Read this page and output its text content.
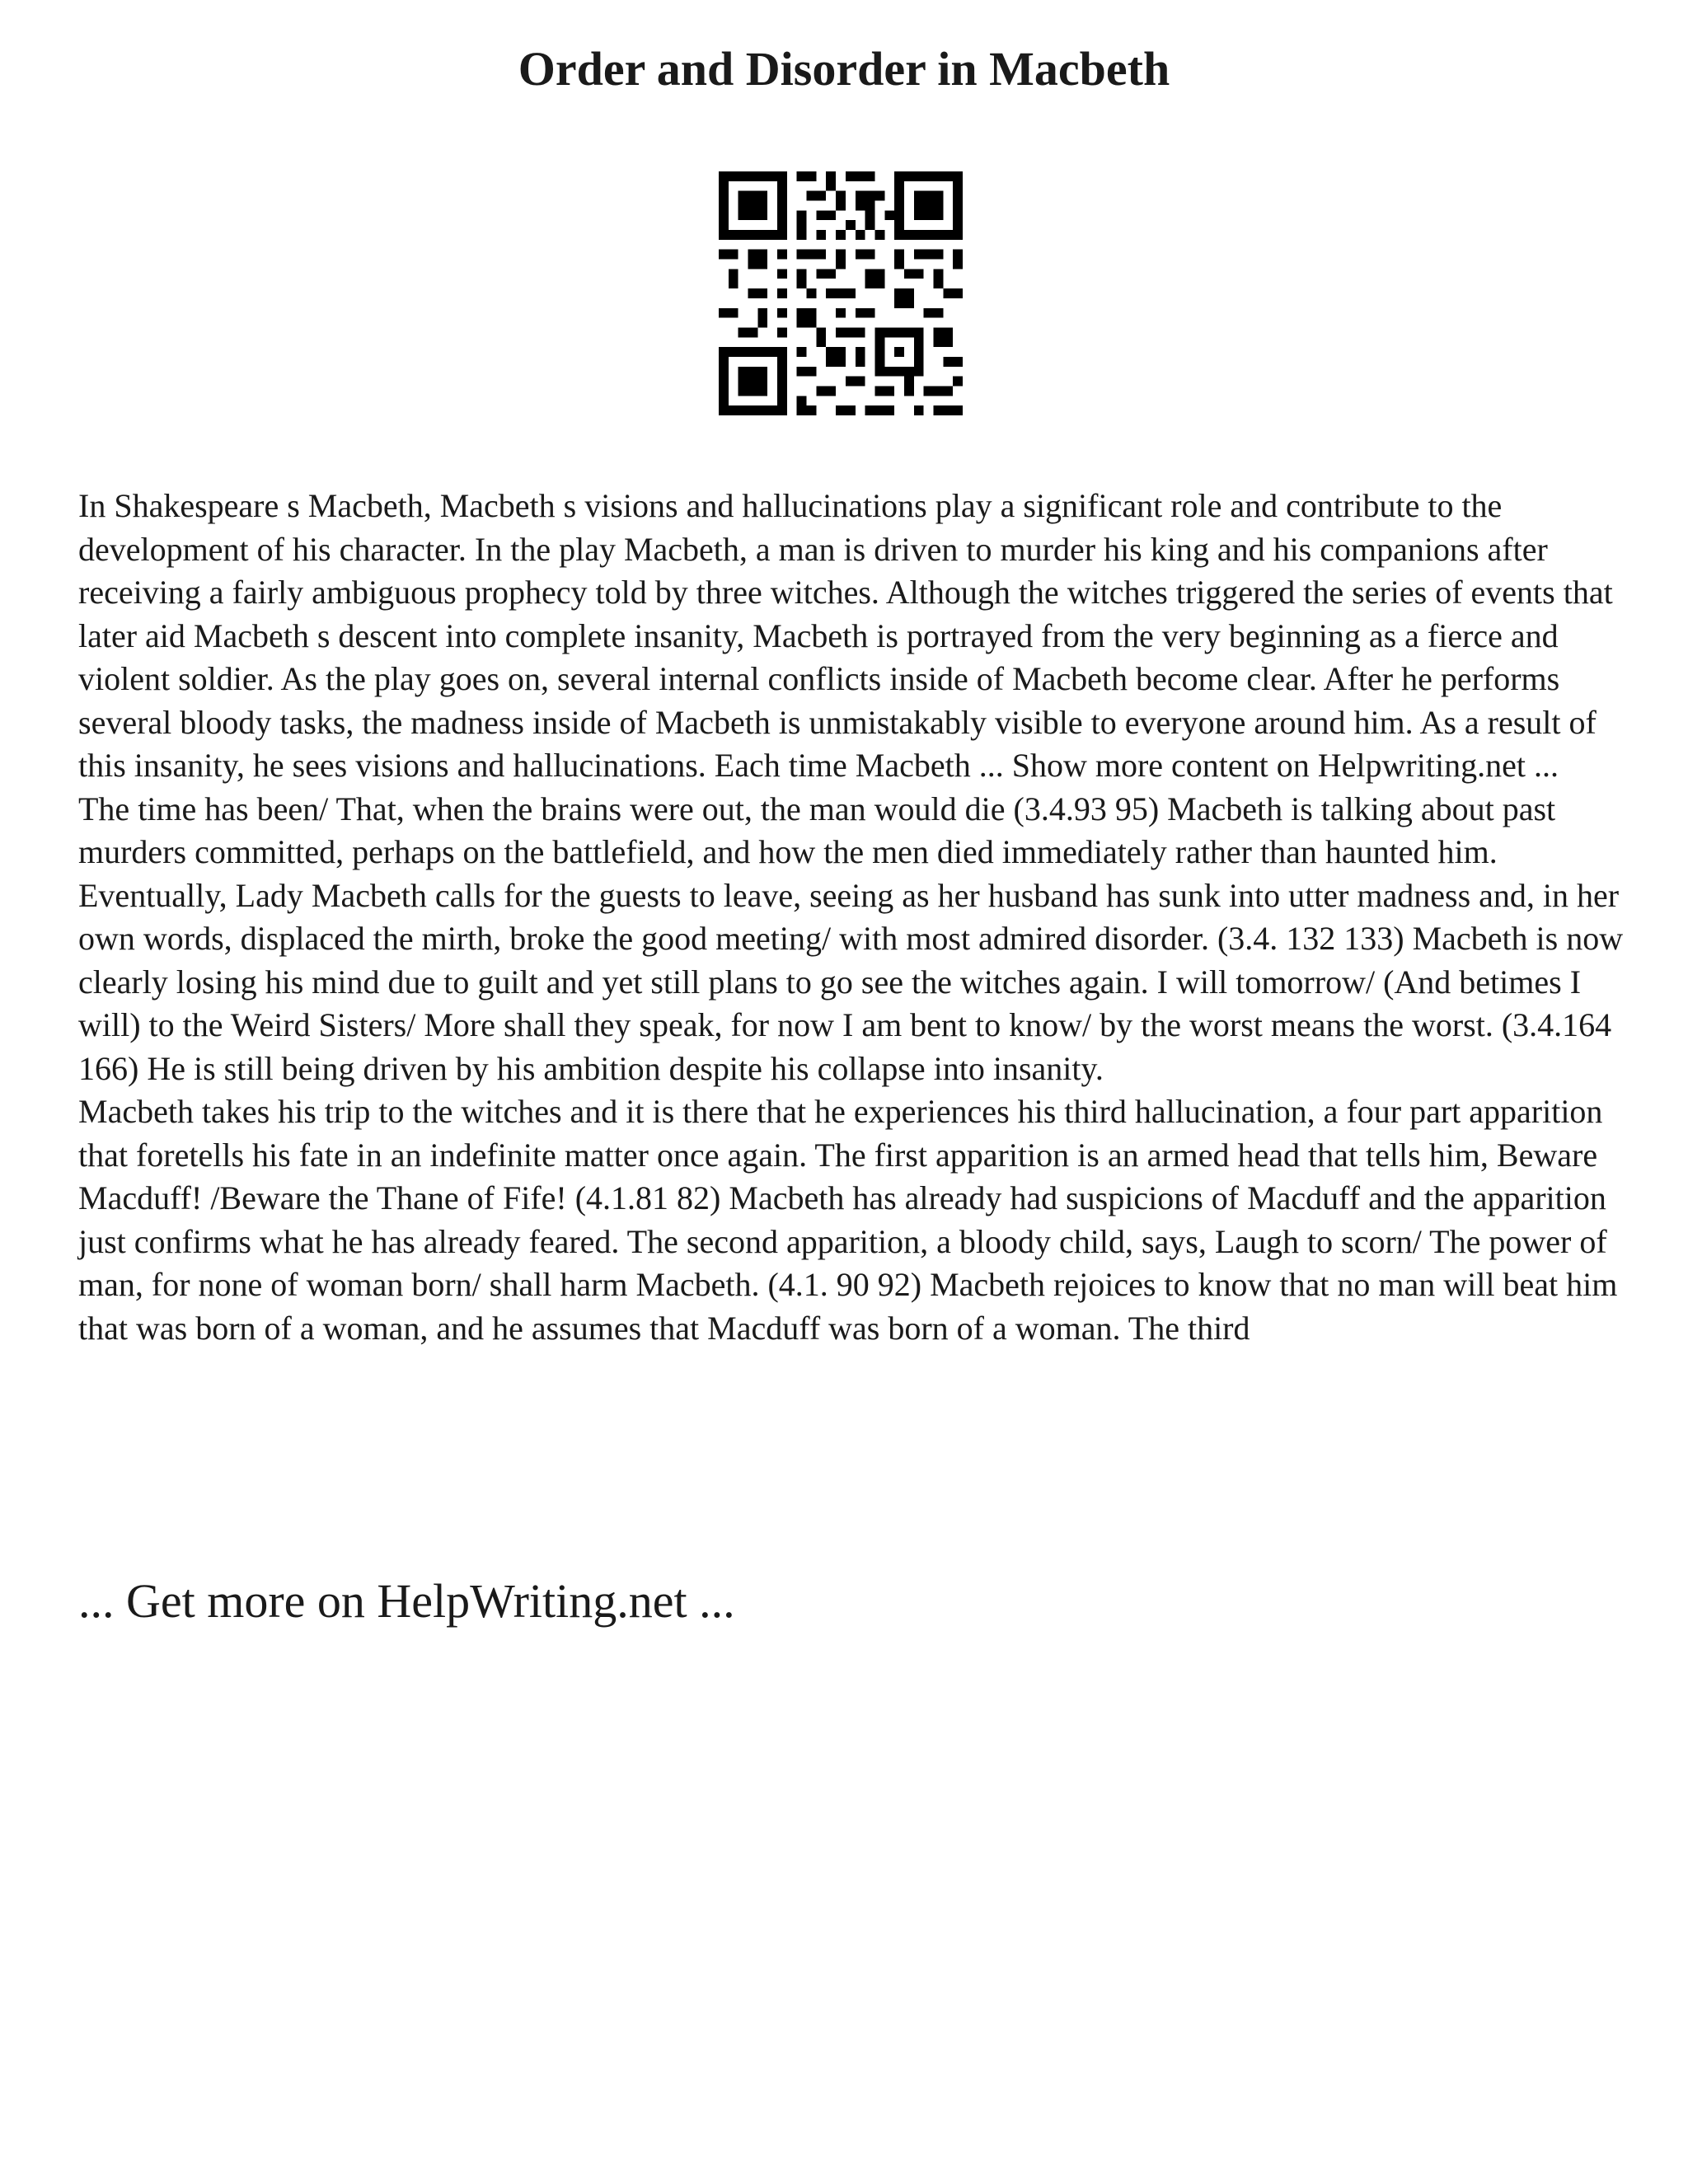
Order and Disorder in Macbeth

In Shakespeare s Macbeth, Macbeth s visions and hallucinations play a significant role and contribute to the development of his character. In the play Macbeth, a man is driven to murder his king and his companions after receiving a fairly ambiguous prophecy told by three witches. Although the witches triggered the series of events that later aid Macbeth s descent into complete insanity, Macbeth is portrayed from the very beginning as a fierce and violent soldier. As the play goes on, several internal conflicts inside of Macbeth become clear. After he performs several bloody tasks, the madness inside of Macbeth is unmistakably visible to everyone around him. As a result of this insanity, he sees visions and hallucinations. Each time Macbeth ... Show more content on Helpwriting.net ...

The time has been/ That, when the brains were out, the man would die (3.4.93 95) Macbeth is talking about past murders committed, perhaps on the battlefield, and how the men died immediately rather than haunted him.

Eventually, Lady Macbeth calls for the guests to leave, seeing as her husband has sunk into utter madness and, in her own words, displaced the mirth, broke the good meeting/ with most admired disorder. (3.4. 132 133) Macbeth is now clearly losing his mind due to guilt and yet still plans to go see the witches again. I will tomorrow/ (And betimes I will) to the Weird Sisters/ More shall they speak, for now I am bent to know/ by the worst means the worst. (3.4.164 166) He is still being driven by his ambition despite his collapse into insanity.

Macbeth takes his trip to the witches and it is there that he experiences his third hallucination, a four part apparition that foretells his fate in an indefinite matter once again. The first apparition is an armed head that tells him, Beware Macduff! /Beware the Thane of Fife! (4.1.81 82) Macbeth has already had suspicions of Macduff and the apparition just confirms what he has already feared. The second apparition, a bloody child, says, Laugh to scorn/ The power of man, for none of woman born/ shall harm Macbeth. (4.1. 90 92) Macbeth rejoices to know that no man will beat him that was born of a woman, and he assumes that Macduff was born of a woman. The third

... Get more on HelpWriting.net ...
